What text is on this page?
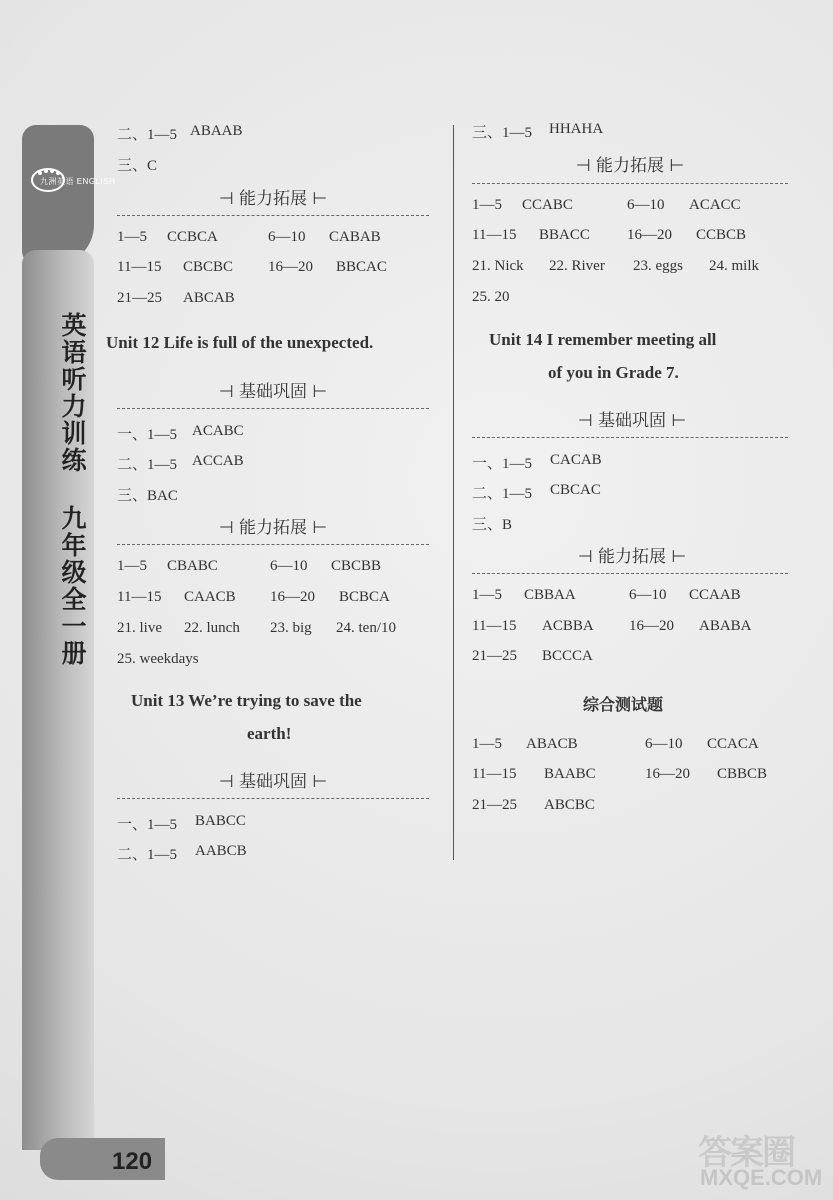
九洲英语 ENGLISH
英语听力训练
九年级全一册
120	答案圈
MXQE.COM
二、1—5 ABAAB
三、C
⊣ 能力拓展 ⊢
1—5 CCBCA	6—10 CABAB
11—15 CBCBC 16—20 BBCAC
21—25 ABCAB
Unit 12 Life is full of the unexpected.
⊣ 基础巩固 ⊢
一、1—5 ACABC
二、1—5 ACCAB
三、BAC
⊣ 能力拓展 ⊢
1—5 CBABC	6—10 CBCBB
11—15 CAACB 16—20 BCBCA
21. live 22. lunch 23. big 24. ten/10
25. weekdays
Unit 13 We’re trying to save the
earth!
⊣ 基础巩固 ⊢
一、1—5 BABCC
二、1—5 AABCB
三、1—5 HHAHA
⊣ 能力拓展 ⊢
1—5 CCABC	6—10 ACACC
11—15 BBACC 16—20 CCBCB
21. Nick 22. River 23. eggs 24. milk
25. 20
Unit 14 I remember meeting all
of you in Grade 7.
⊣ 基础巩固 ⊢
一、1—5 CACAB
二、1—5 CBCAC
三、B
⊣ 能力拓展 ⊢
1—5 CBBAA	6—10 CCAAB
11—15 ACBBA 16—20 ABABA
21—25 BCCCA
综合测试题
1—5 ABACB	6—10 CCACA
11—15 BAABC	16—20 CBBCB
21—25 ABCBC
